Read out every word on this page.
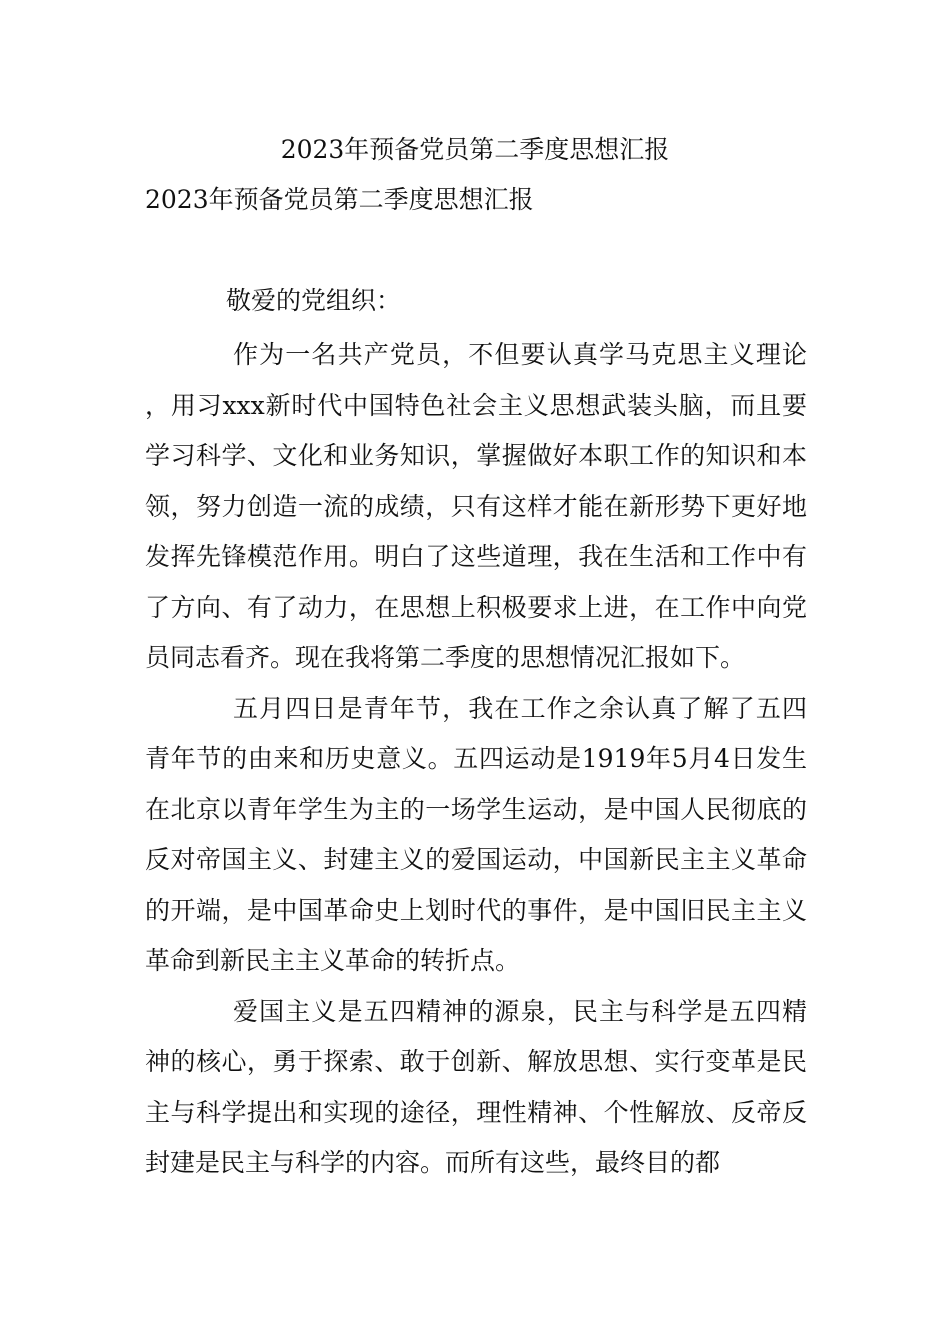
2023年预备党员第二季度思想汇报
2023年预备党员第二季度思想汇报
敬爱的党组织：

作为一名共产党员，不但要认真学马克思主义理论，用习xxx新时代中国特色社会主义思想武装头脑，而且要学习科学、文化和业务知识，掌握做好本职工作的知识和本领，努力创造一流的成绩，只有这样才能在新形势下更好地发挥先锋模范作用。明白了这些道理，我在生活和工作中有了方向、有了动力，在思想上积极要求上进，在工作中向党员同志看齐。现在我将第二季度的思想情况汇报如下。

五月四日是青年节，我在工作之余认真了解了五四青年节的由来和历史意义。五四运动是1919年5月4日发生在北京以青年学生为主的一场学生运动，是中国人民彻底的反对帝国主义、封建主义的爱国运动，中国新民主主义革命的开端，是中国革命史上划时代的事件，是中国旧民主主义革命到新民主主义革命的转折点。

爱国主义是五四精神的源泉，民主与科学是五四精神的核心，勇于探索、敢于创新、解放思想、实行变革是民主与科学提出和实现的途径，理性精神、个性解放、反帝反封建是民主与科学的内容。而所有这些，最终目的都
